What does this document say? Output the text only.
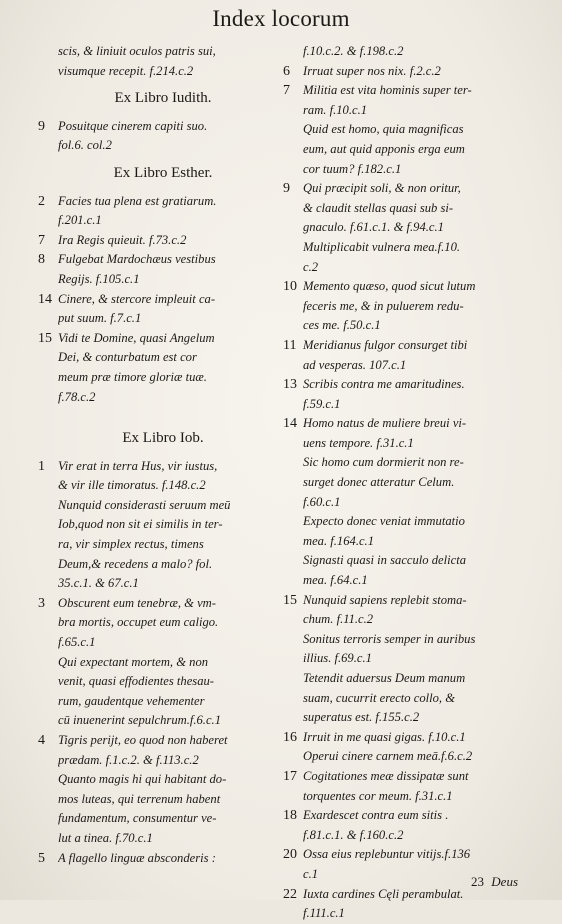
Index locorum
scis, & liniuit oculos patris sui,
visumque recepit. f.214.c.2
Ex Libro Iudith.
9 Posuitque cinerem capiti suo.
fol.6. col.2
Ex Libro Esther.
2 Facies tua plena est gratiarum.
f.201.c.1
7 Ira Regis quieuit. f.73.c.2
8 Fulgebat Mardochæus vestibus
Regijs. f.105.c.1
14 Cinere, & stercore impleuit ca-
put suum. f.7.c.1
15 Vidi te Domine, quasi Angelum
Dei, & conturbatum est cor
meum præ timore gloriæ tuæ.
f.78.c.2
Ex Libro Iob.
1 Vir erat in terra Hus, vir iustus,
& vir ille timoratus. f.148.c.2
Nunquid considerasti seruum meū
Iob,quod non sit ei similis in ter-
ra, vir simplex rectus, timens
Deum,& recedens a malo? fol.
35.c.1. & 67.c.1
3 Obscurent eum tenebræ, & vm-
bra mortis, occupet eum caligo.
f.65.c.1
Qui expectant mortem, & non
venit, quasi effodientes thesau-
rum, gaudentque vehementer
cū inuenerint sepulchrum.f.6.c.1
4 Tigris perijt, eo quod non haberet
prædam. f.1.c.2. & f.113.c.2
Quanto magis hi qui habitant do-
mos luteas, qui terrenum habent
fundamentum, consumentur ve-
lut a tinea. f.70.c.1
5 A flagello linguæ absconderis :
f.10.c.2. & f.198.c.2
6 Irruat super nos nix. f.2.c.2
7 Militia est vita hominis super ter-
ram. f.10.c.1
Quid est homo, quia magnificas
eum, aut quid apponis erga eum
cor tuum? f.182.c.1
9 Qui præcipit soli, & non oritur,
& claudit stellas quasi sub si-
gnaculo. f.61.c.1. & f.94.c.1
Multiplicabit vulnera mea.f.10.
c.2
10 Memento quæso, quod sicut lutum
feceris me, & in puluerem redu-
ces me. f.50.c.1
11 Meridianus fulgor consurget tibi
ad vesperas. 107.c.1
13 Scribis contra me amaritudines.
f.59.c.1
14 Homo natus de muliere breui vi-
uens tempore. f.31.c.1
Sic homo cum dormierit non re-
surget donec atteratur Celum.
f.60.c.1
Expecto donec veniat immutatio
mea. f.164.c.1
Signasti quasi in sacculo delicta
mea. f.64.c.1
15 Nunquid sapiens replebit stoma-
chum. f.11.c.2
Sonitus terroris semper in auribus
illius. f.69.c.1
Tetendit aduersus Deum manum
suam, cucurrit erecto collo, &
superatus est. f.155.c.2
16 Irruit in me quasi gigas. f.10.c.1
Operui cinere carnem meā.f.6.c.2
17 Cogitationes meæ dissipatæ sunt
torquentes cor meum. f.31.c.1
18 Exardescet contra eum sitis .
f.81.c.1. & f.160.c.2
20 Ossa eius replebuntur vitijs.f.136
c.1
22 Iuxta cardines Cęli perambulat.
f.111.c.1
23 Deus
